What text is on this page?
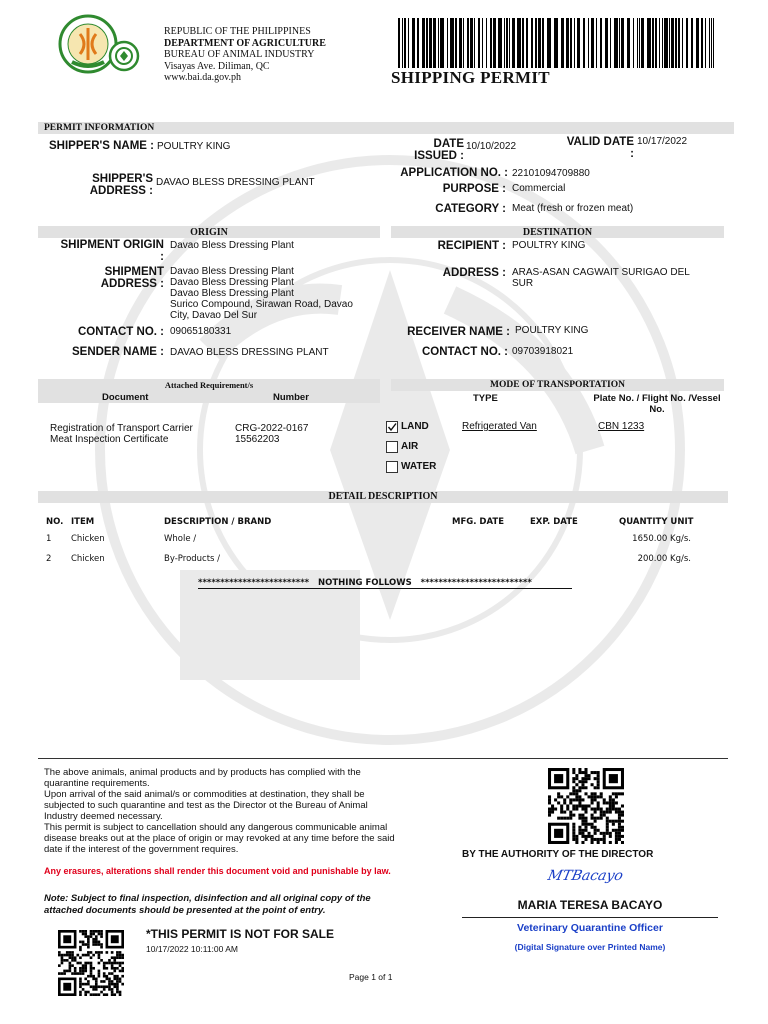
REPUBLIC OF THE PHILIPPINES
DEPARTMENT OF AGRICULTURE
BUREAU OF ANIMAL INDUSTRY
Visayas Ave. Diliman, QC
www.bai.da.gov.ph	SHIPPING PERMIT
PERMIT INFORMATION
SHIPPER'S NAME : POULTRY KING
SHIPPER'S
ADDRESS :
DAVAO BLESS DRESSING PLANT
DATE
ISSUED :
10/10/2022	VALID DATE
:
10/17/2022
APPLICATION NO. : 22101094709880
PURPOSE : Commercial
CATEGORY : Meat (fresh or frozen meat)
ORIGIN	DESTINATION
SHIPMENT ORIGIN
:
Davao Bless Dressing Plant
SHIPMENT
ADDRESS :
Davao Bless Dressing Plant
Davao Bless Dressing Plant
Davao Bless Dressing Plant
Surico Compound, Sirawan Road, Davao
City, Davao Del Sur
CONTACT NO. : 09065180331
SENDER NAME : DAVAO BLESS DRESSING PLANT
RECIPIENT : POULTRY KING
ADDRESS : ARAS-ASAN CAGWAIT SURIGAO DEL
SUR
RECEIVER NAME : POULTRY KING
CONTACT NO. : 09703918021
Attached Requirement/s
Document	Number
Registration of Transport Carrier	CRG-2022-0167
Meat Inspection Certificate	15562203
MODE OF TRANSPORTATION
TYPE	Plate No. / Flight No. /Vessel
No.
LAND
AIR
WATER
Refrigerated Van	CBN 1233
DETAIL DESCRIPTION
NO. ITEM	DESCRIPTION / BRAND	MFG. DATE	EXP. DATE	QUANTITY UNIT
1 Chicken	Whole /	1650.00 Kg/s.
2 Chicken	By-Products /	200.00 Kg/s.
************************* NOTHING FOLLOWS *************************
The above animals, animal products and by products has complied with the
quarantine requirements.
Upon arrival of the said animal/s or commodities at destination, they shall be
subjected to such quarantine and test as the Director ot the Bureau of Animal
Industry deemed necessary.
This permit is subject to cancellation should any dangerous communicable animal
disease breaks out at the place of origin or may revoked at any time before the said
date if the interest of the government requires.
Any erasures, alterations shall render this document void and punishable by law.
Note: Subject to final inspection, disinfection and all original copy of the
attached documents should be presented at the point of entry.
*THIS PERMIT IS NOT FOR SALE
10/17/2022 10:11:00 AM
Page 1 of 1
BY THE AUTHORITY OF THE DIRECTOR
MTBacayo
MARIA TERESA BACAYO
Veterinary Quarantine Officer
(Digital Signature over Printed Name)
